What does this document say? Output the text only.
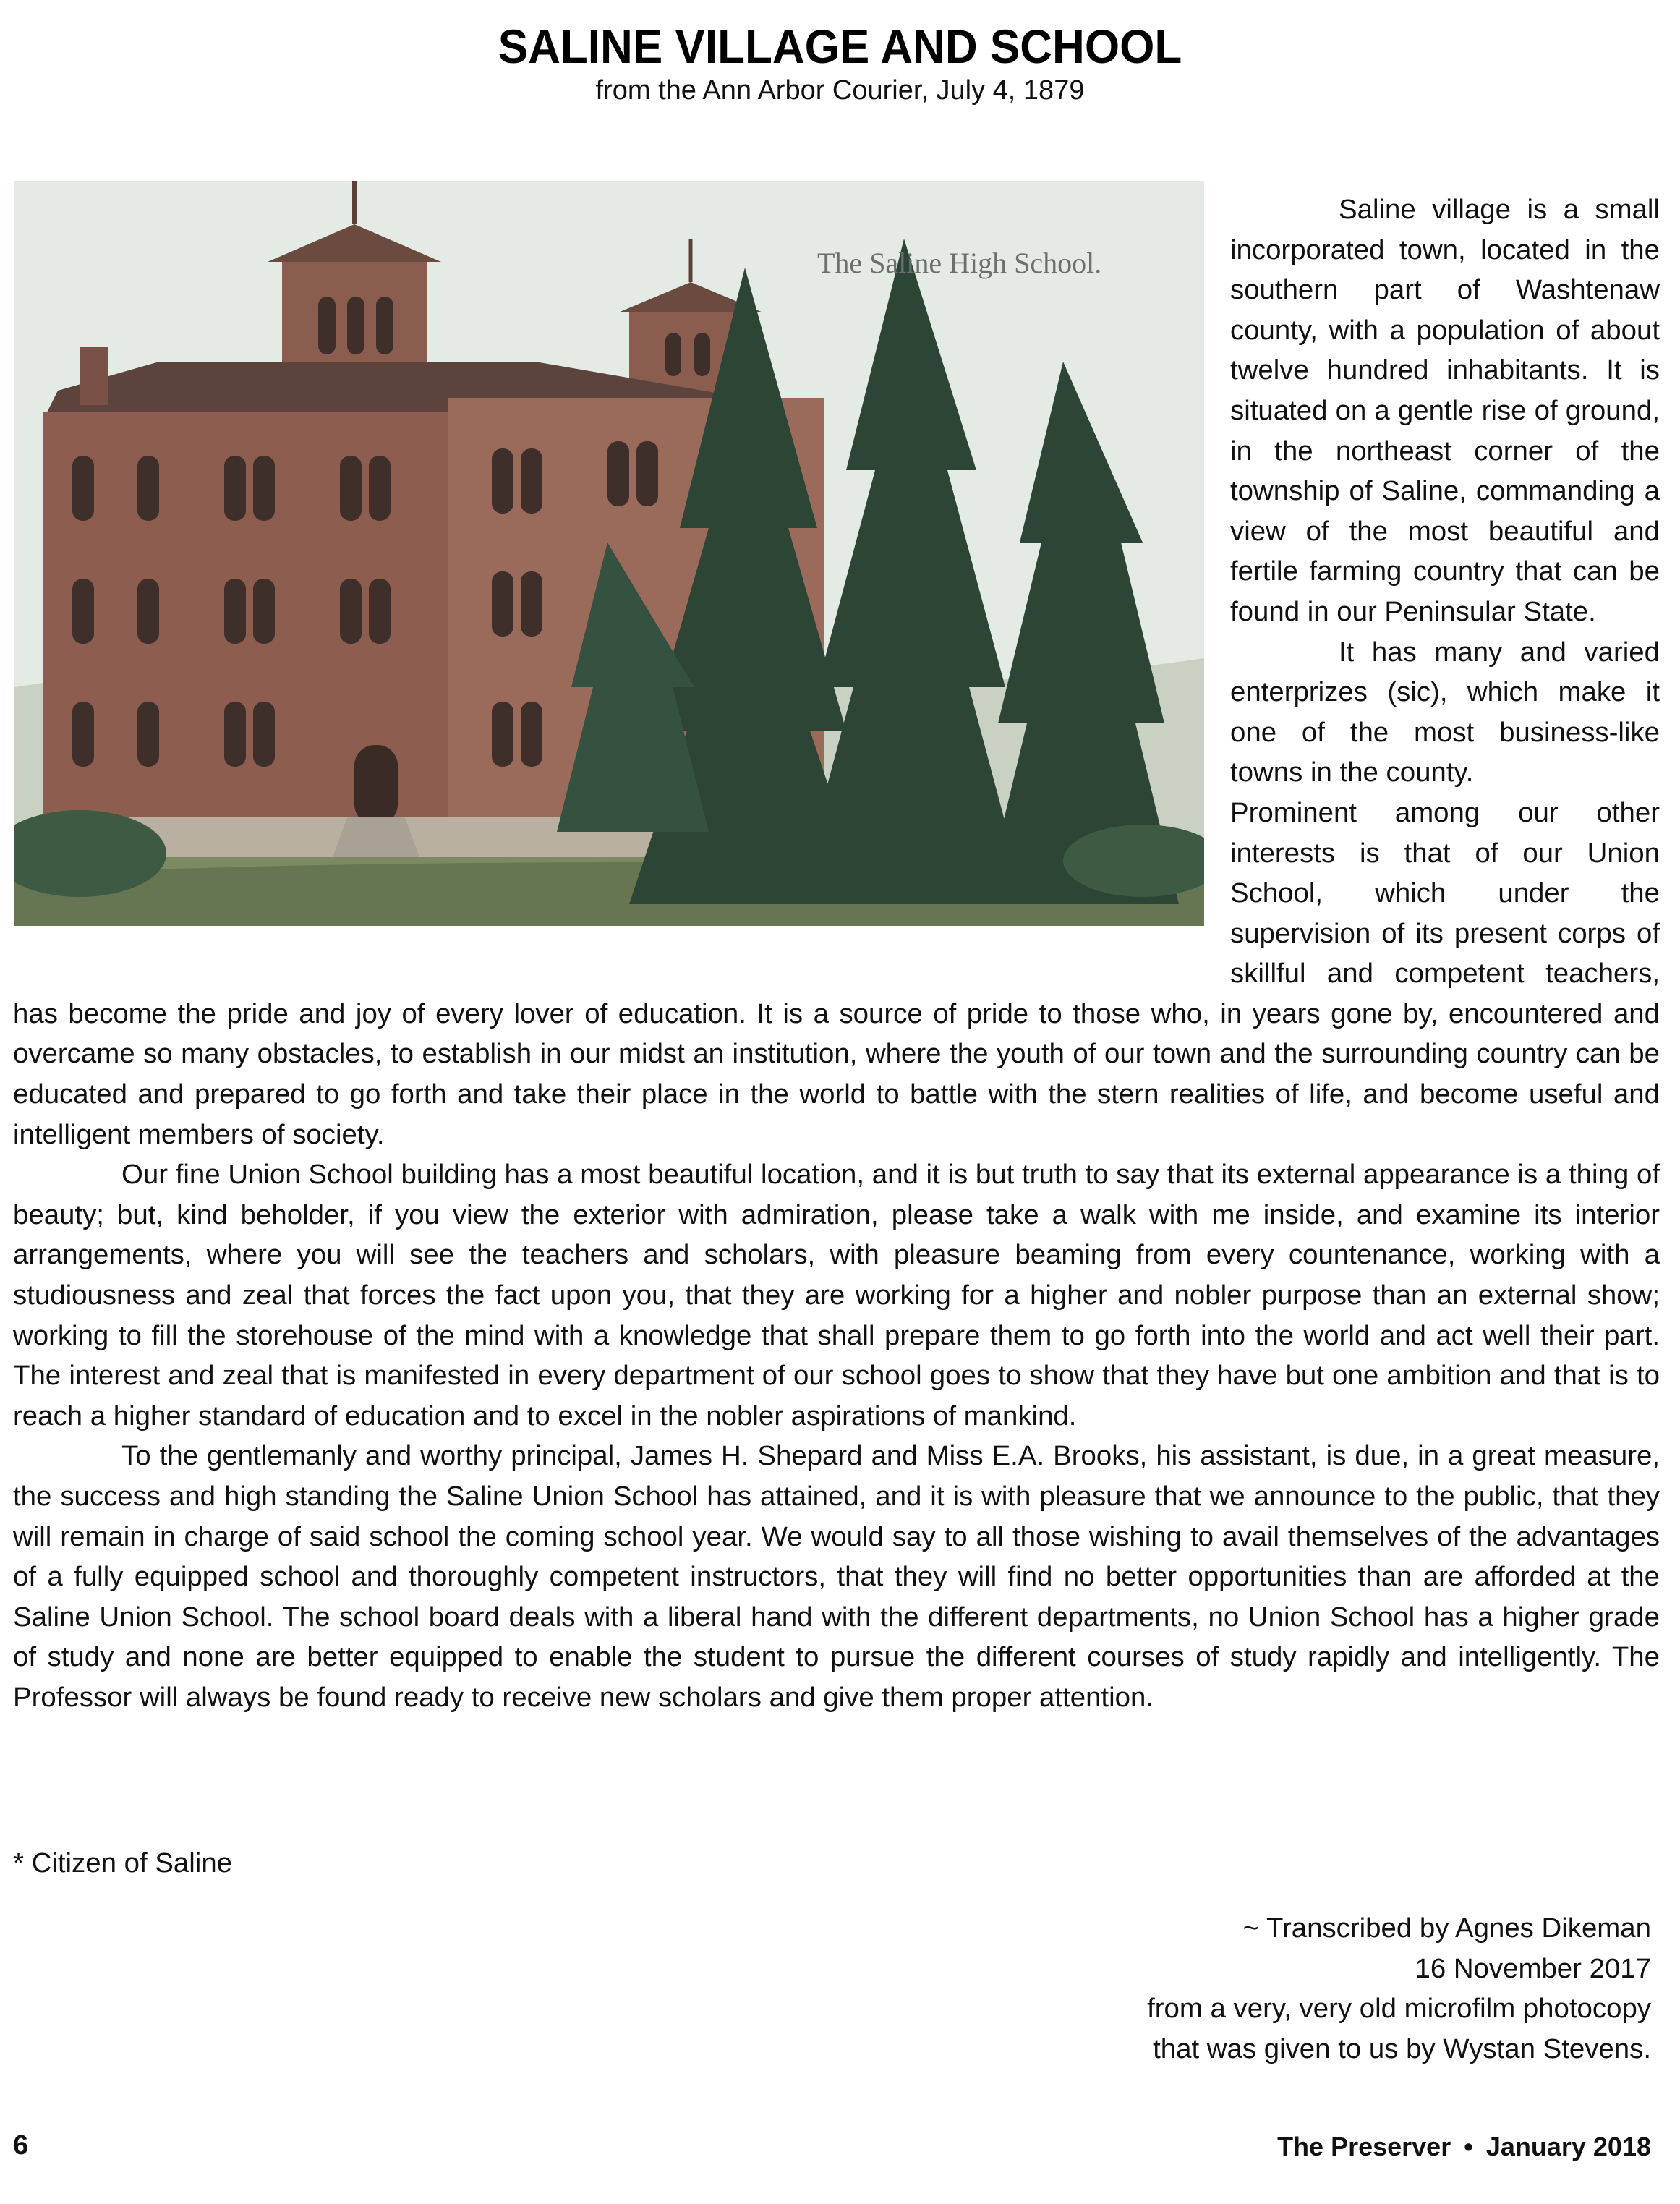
SALINE VILLAGE AND SCHOOL
from the Ann Arbor Courier, July 4, 1879
The Saline High School.

Saline village is a small incorporated town, located in the southern part of Washtenaw county, with a population of about twelve hundred inhabitants. It is situated on a gentle rise of ground, in the northeast corner of the township of Saline, commanding a view of the most beautiful and fertile farming country that can be found in our Peninsular State.

It has many and varied enterprizes (sic), which make it one of the most business-like towns in the county.

Prominent among our other interests is that of our Union School, which under the supervision of its present corps of skillful and competent teachers, has become the pride and joy of every lover of education. It is a source of pride to those who, in years gone by, encountered and overcame so many obstacles, to establish in our midst an institution, where the youth of our town and the surrounding country can be educated and prepared to go forth and take their place in the world to battle with the stern realities of life, and become useful and intelligent members of society.

Our fine Union School building has a most beautiful location, and it is but truth to say that its external appearance is a thing of beauty; but, kind beholder, if you view the exterior with admiration, please take a walk with me inside, and examine its interior arrangements, where you will see the teachers and scholars, with pleasure beaming from every countenance, working with a studiousness and zeal that forces the fact upon you, that they are working for a higher and nobler purpose than an external show; working to fill the storehouse of the mind with a knowledge that shall prepare them to go forth into the world and act well their part. The interest and zeal that is manifested in every department of our school goes to show that they have but one ambition and that is to reach a higher standard of education and to excel in the nobler aspirations of mankind.

To the gentlemanly and worthy principal, James H. Shepard and Miss E.A. Brooks, his assistant, is due, in a great measure, the success and high standing the Saline Union School has attained, and it is with pleasure that we announce to the public, that they will remain in charge of said school the coming school year. We would say to all those wishing to avail themselves of the advantages of a fully equipped school and thoroughly competent instructors, that they will find no better opportunities than are afforded at the Saline Union School. The school board deals with a liberal hand with the different departments, no Union School has a higher grade of study and none are better equipped to enable the student to pursue the different courses of study rapidly and intelligently. The Professor will always be found ready to receive new scholars and give them proper attention.

* Citizen of Saline
~ Transcribed by Agnes Dikeman
16 November 2017
from a very, very old microfilm photocopy
that was given to us by Wystan Stevens.
6	The Preserver • January 2018
